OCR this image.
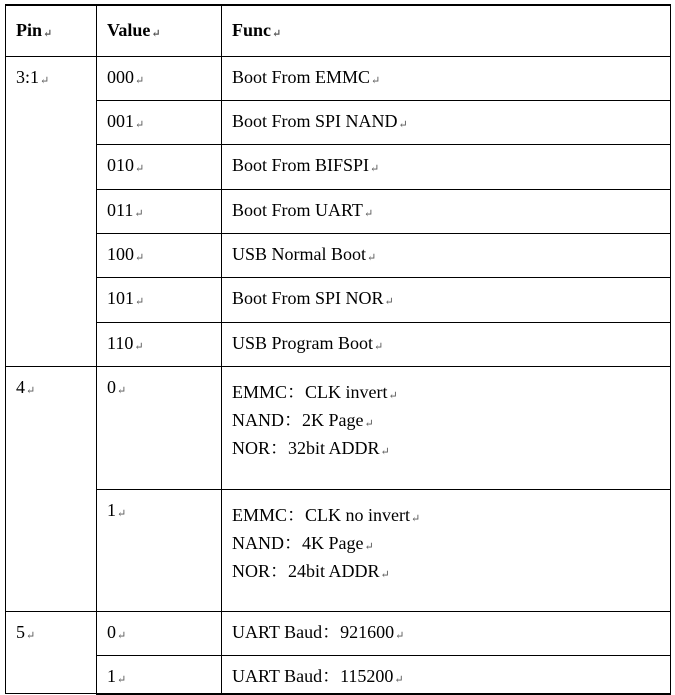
Pin↵	Value↵	Func↵

3:1↵	000↵	Boot From EMMC↵

	001↵	Boot From SPI NAND↵

	010↵	Boot From BIFSPI↵

	011↵	Boot From UART↵

	100↵	USB Normal Boot↵

	101↵	Boot From SPI NOR↵

	110↵	USB Program Boot↵

4↵	0↵	EMMC：CLK invert↵
NAND：2K Page↵
NOR：32bit ADDR↵

	1↵	EMMC：CLK no invert↵
NAND：4K Page↵
NOR：24bit ADDR↵

5↵	0↵	UART Baud：921600↵

	1↵	UART Baud：115200↵
